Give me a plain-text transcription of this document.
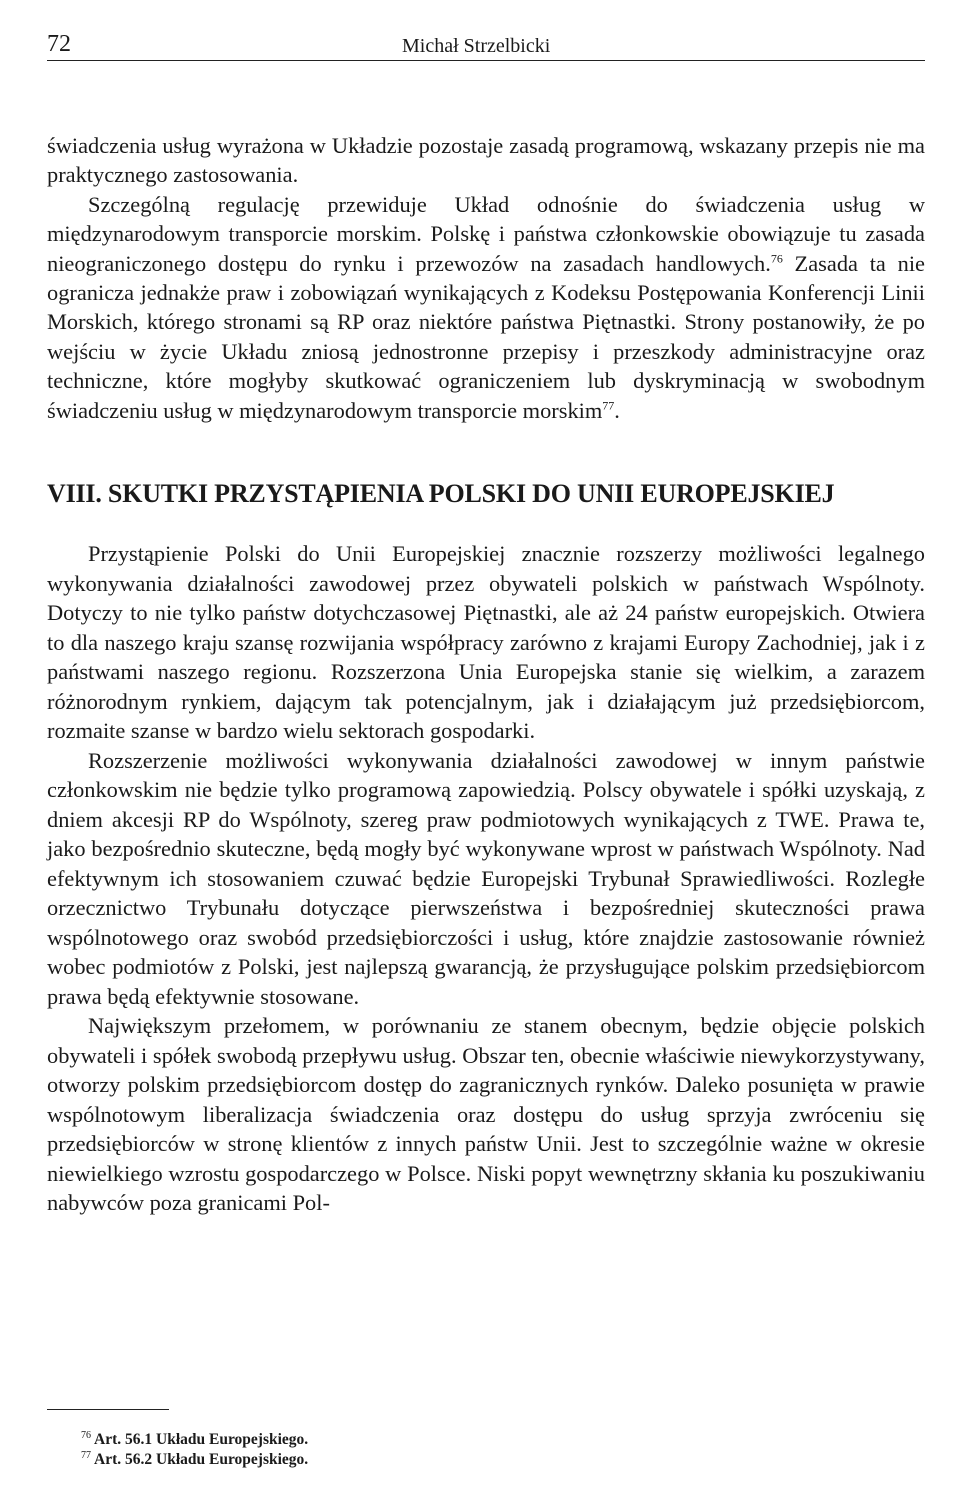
72	Michał Strzelbicki

świadczenia usług wyrażona w Układzie pozostaje zasadą programową, wskazany przepis nie ma praktycznego zastosowania.

Szczególną regulację przewiduje Układ odnośnie do świadczenia usług w międzynarodowym transporcie morskim. Polskę i państwa członkowskie obowiązuje tu zasada nieograniczonego dostępu do rynku i przewozów na zasadach handlowych.$^{76}$ Zasada ta nie ogranicza jednakże praw i zobowiązań wynikających z Kodeksu Postępowania Konferencji Linii Morskich, którego stronami są RP oraz niektóre państwa Piętnastki. Strony postanowiły, że po wejściu w życie Układu zniosą jednostronne przepisy i przeszkody administracyjne oraz techniczne, które mogłyby skutkować ograniczeniem lub dyskryminacją w swobodnym świadczeniu usług w międzynarodowym transporcie morskim$^{77}$.

VIII. SKUTKI PRZYSTĄPIENIA POLSKI DO UNII EUROPEJSKIEJ

Przystąpienie Polski do Unii Europejskiej znacznie rozszerzy możliwości legalnego wykonywania działalności zawodowej przez obywateli polskich w państwach Wspólnoty. Dotyczy to nie tylko państw dotychczasowej Piętnastki, ale aż 24 państw europejskich. Otwiera to dla naszego kraju szansę rozwijania współpracy zarówno z krajami Europy Zachodniej, jak i z państwami naszego regionu. Rozszerzona Unia Europejska stanie się wielkim, a zarazem różnorodnym rynkiem, dającym tak potencjalnym, jak i działającym już przedsiębiorcom, rozmaite szanse w bardzo wielu sektorach gospodarki.

Rozszerzenie możliwości wykonywania działalności zawodowej w innym państwie członkowskim nie będzie tylko programową zapowiedzią. Polscy obywatele i spółki uzyskają, z dniem akcesji RP do Wspólnoty, szereg praw podmiotowych wynikających z TWE. Prawa te, jako bezpośrednio skuteczne, będą mogły być wykonywane wprost w państwach Wspólnoty. Nad efektywnym ich stosowaniem czuwać będzie Europejski Trybunał Sprawiedliwości. Rozległe orzecznictwo Trybunału dotyczące pierwszeństwa i bezpośredniej skuteczności prawa wspólnotowego oraz swobód przedsiębiorczości i usług, które znajdzie zastosowanie również wobec podmiotów z Polski, jest najlepszą gwarancją, że przysługujące polskim przedsiębiorcom prawa będą efektywnie stosowane.

Największym przełomem, w porównaniu ze stanem obecnym, będzie objęcie polskich obywateli i spółek swobodą przepływu usług. Obszar ten, obecnie właściwie niewykorzystywany, otworzy polskim przedsiębiorcom dostęp do zagranicznych rynków. Daleko posunięta w prawie wspólnotowym liberalizacja świadczenia oraz dostępu do usług sprzyja zwróceniu się przedsiębiorców w stronę klientów z innych państw Unii. Jest to szczególnie ważne w okresie niewielkiego wzrostu gospodarczego w Polsce. Niski popyt wewnętrzny skłania ku poszukiwaniu nabywców poza granicami Pol-

$^{76}$ Art. 56.1 Układu Europejskiego.
$^{77}$ Art. 56.2 Układu Europejskiego.
